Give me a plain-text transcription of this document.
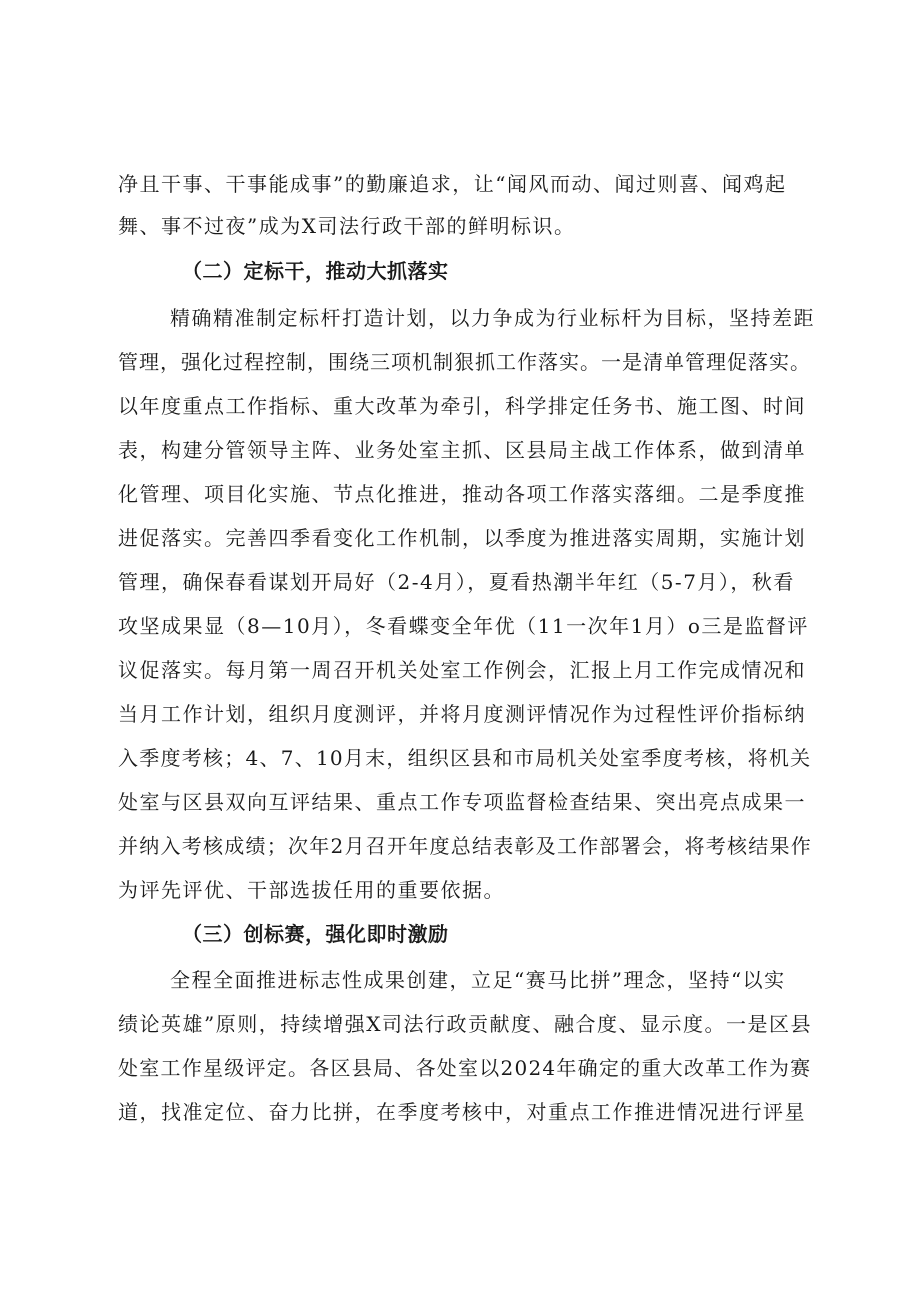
净且干事、干事能成事”的勤廉追求，让“闻风而动、闻过则喜、闻鸡起
舞、事不过夜”成为X司法行政干部的鲜明标识。
（二）定标干，推动大抓落实
精确精准制定标杆打造计划，以力争成为行业标杆为目标，坚持差距
管理，强化过程控制，围绕三项机制狠抓工作落实。一是清单管理促落实。
以年度重点工作指标、重大改革为牵引，科学排定任务书、施工图、时间
表，构建分管领导主阵、业务处室主抓、区县局主战工作体系，做到清单
化管理、项目化实施、节点化推进，推动各项工作落实落细。二是季度推
进促落实。完善四季看变化工作机制，以季度为推进落实周期，实施计划
管理，确保春看谋划开局好（2-4月），夏看热潮半年红（5-7月），秋看
攻坚成果显（8—10月），冬看蝶变全年优（11一次年1月）o三是监督评
议促落实。每月第一周召开机关处室工作例会，汇报上月工作完成情况和
当月工作计划，组织月度测评，并将月度测评情况作为过程性评价指标纳
入季度考核；4、7、10月末，组织区县和市局机关处室季度考核，将机关
处室与区县双向互评结果、重点工作专项监督检查结果、突出亮点成果一
并纳入考核成绩；次年2月召开年度总结表彰及工作部署会，将考核结果作
为评先评优、干部选拔任用的重要依据。
（三）创标赛，强化即时激励
全程全面推进标志性成果创建，立足“赛马比拼”理念，坚持“以实
绩论英雄”原则，持续增强X司法行政贡献度、融合度、显示度。一是区县
处室工作星级评定。各区县局、各处室以2024年确定的重大改革工作为赛
道，找准定位、奋力比拼，在季度考核中，对重点工作推进情况进行评星
